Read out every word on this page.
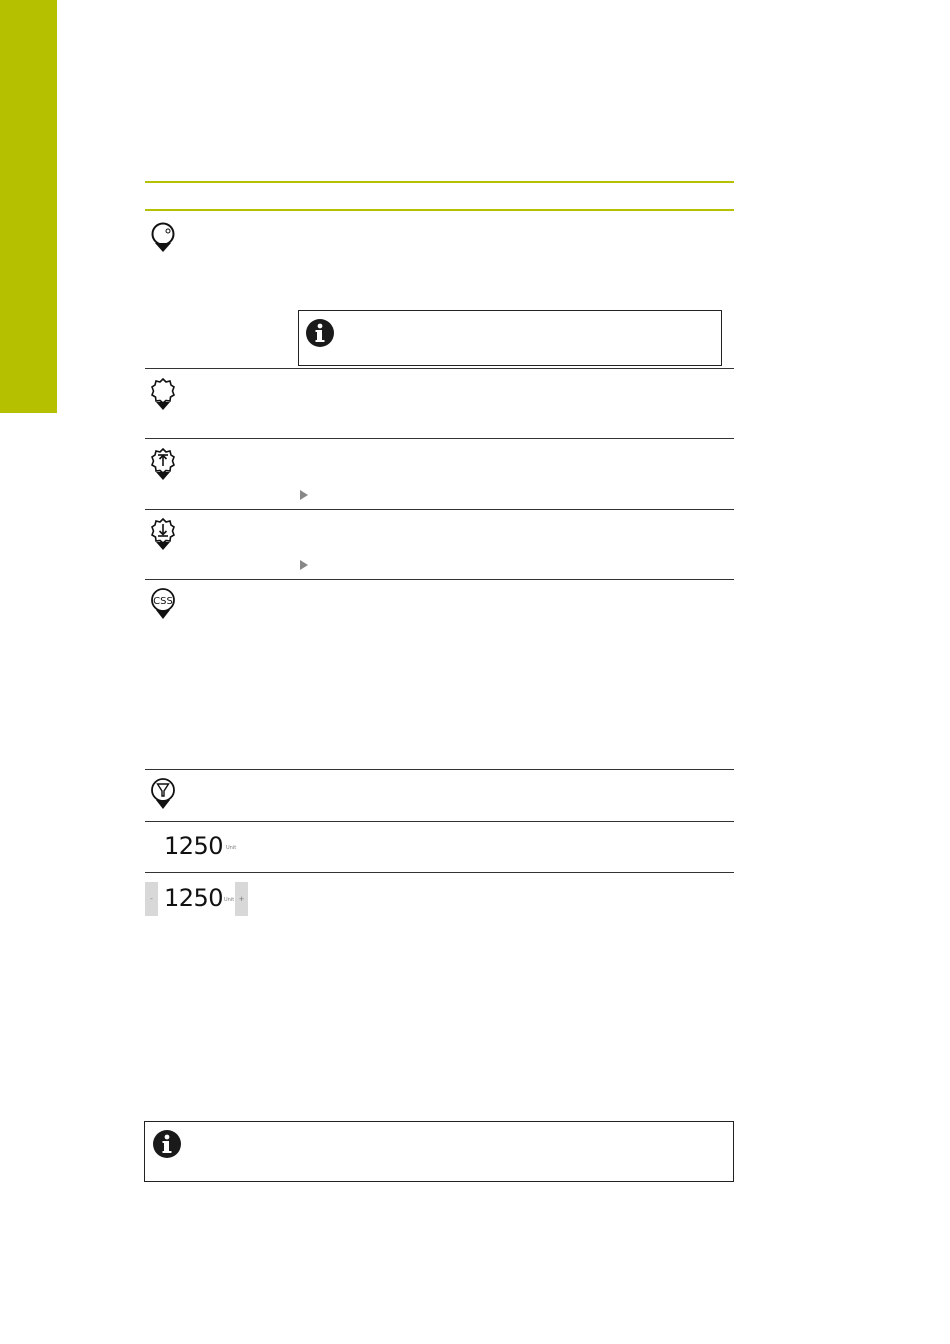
CSS
1250 Unit
- 1250 Unit +
